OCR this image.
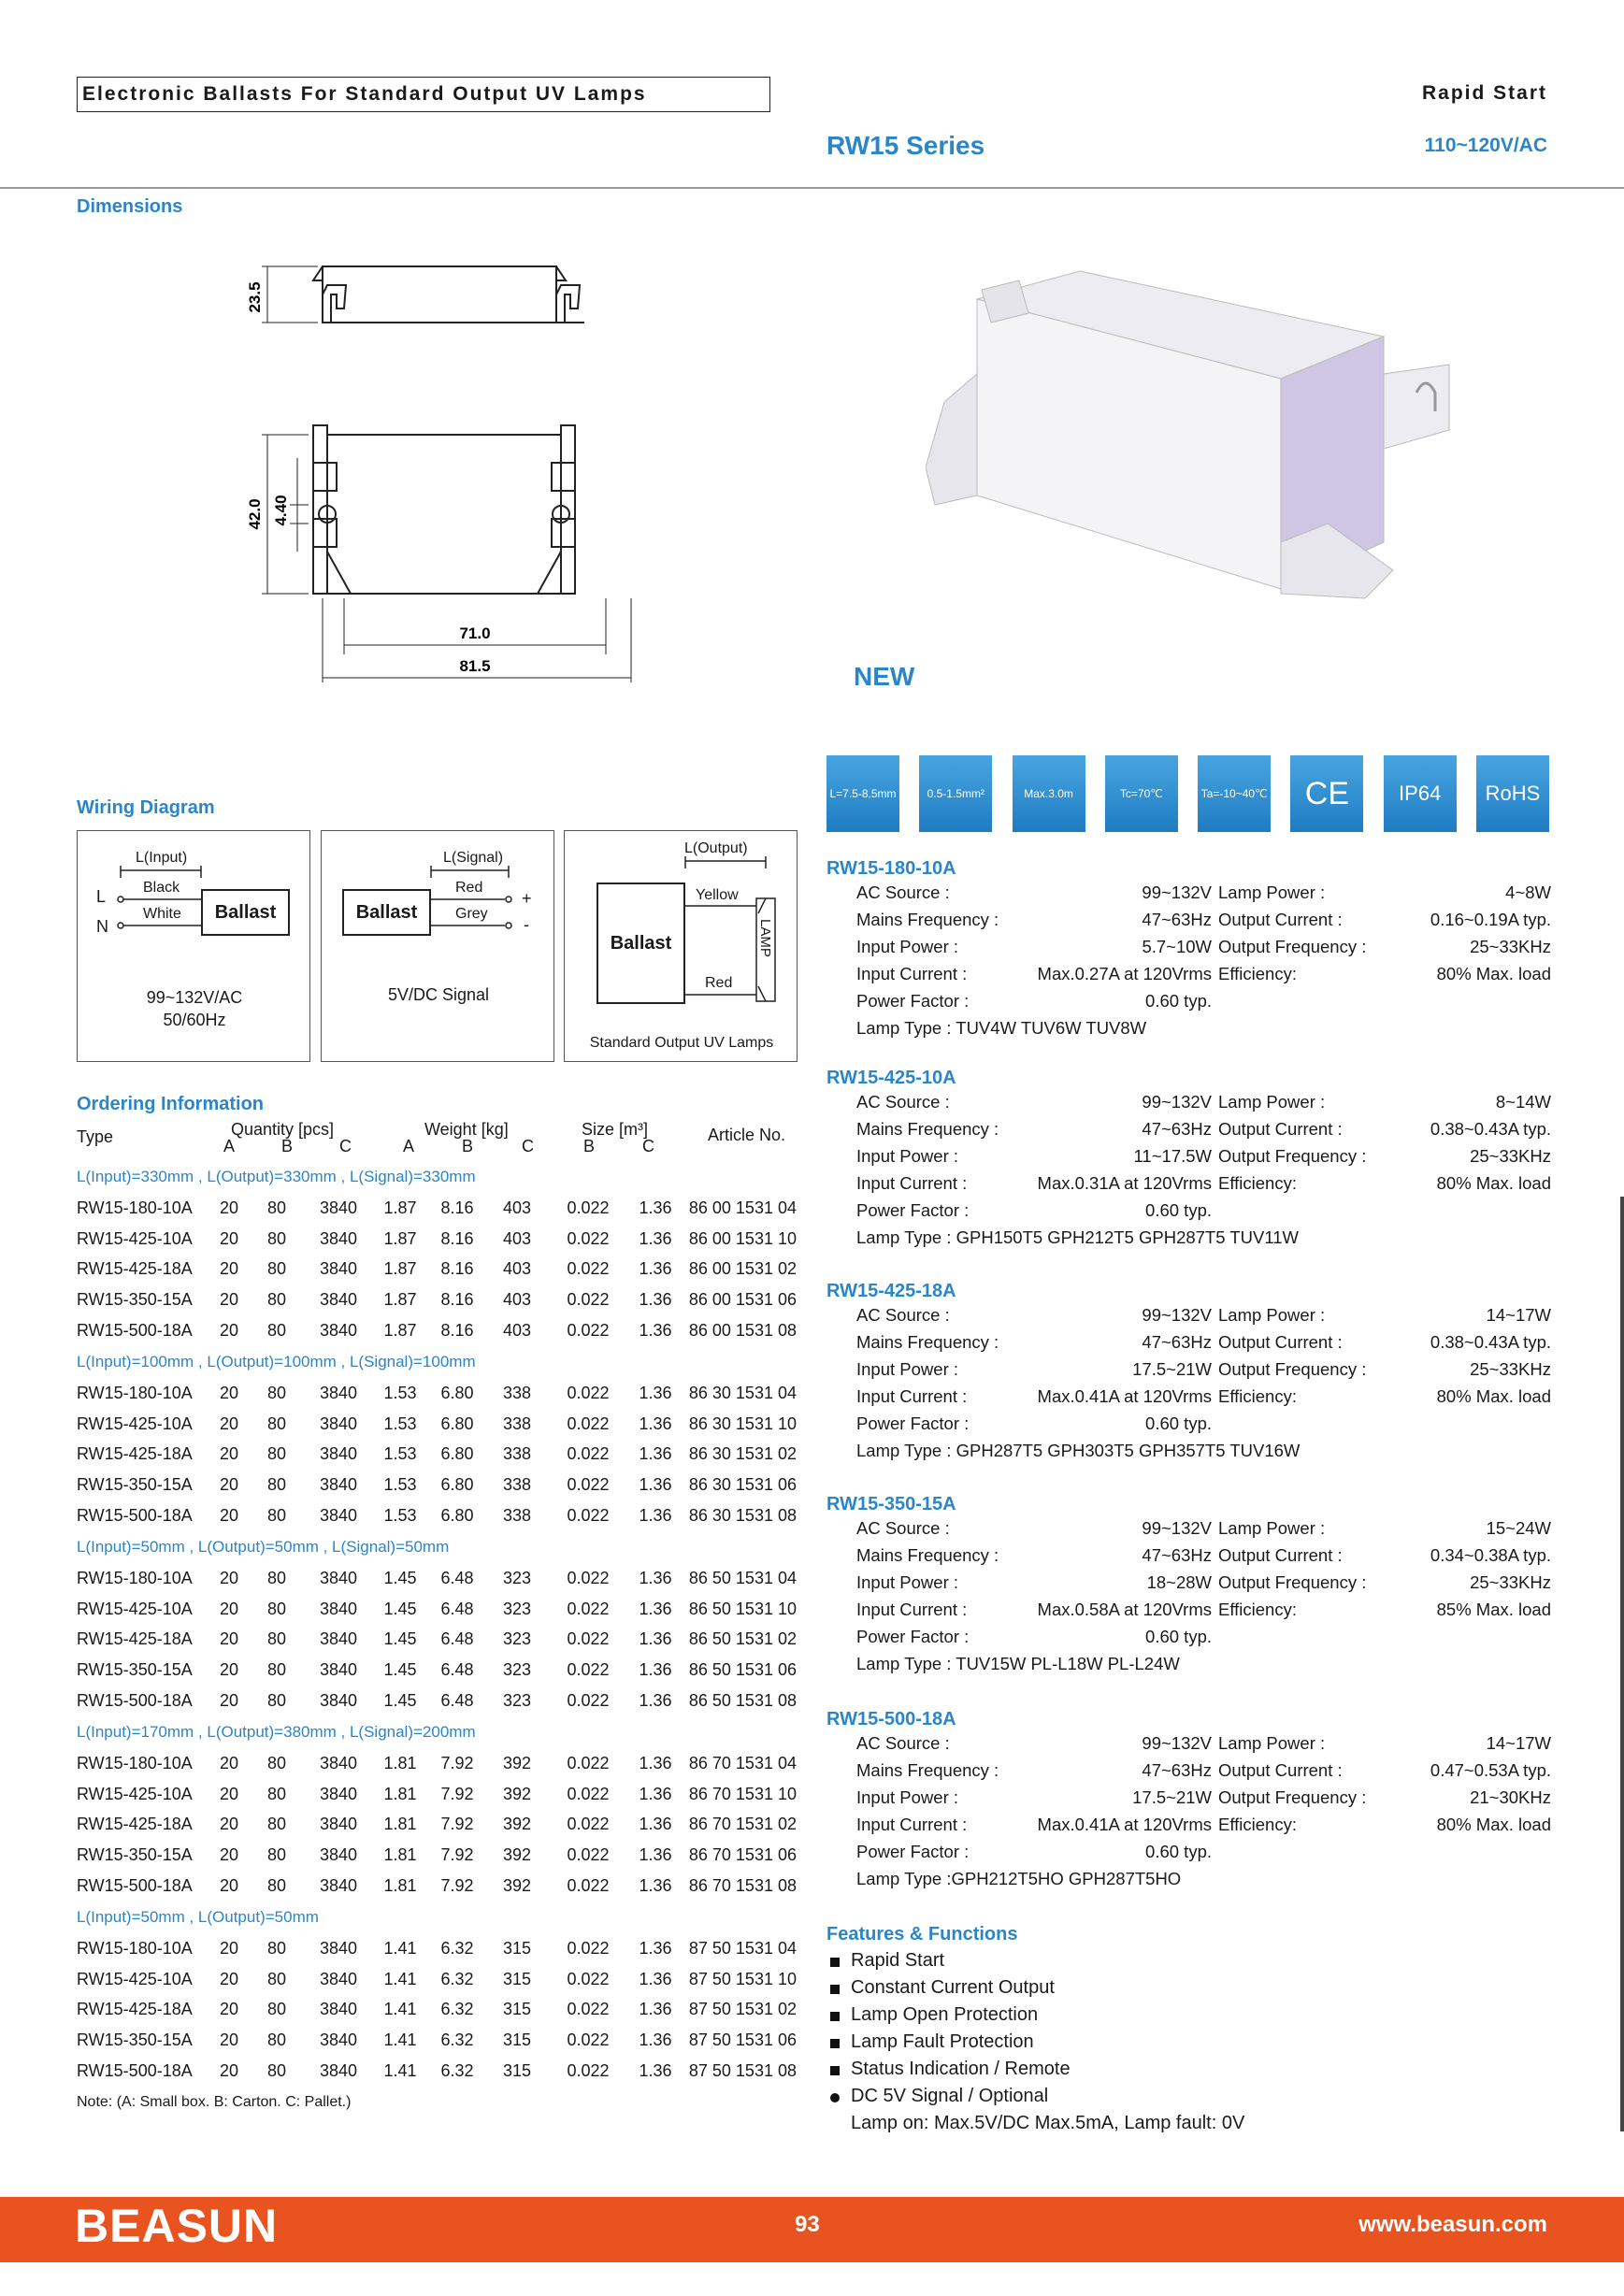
Electronic Ballasts For Standard Output UV Lamps	Rapid Start
RW15 Series	110~120V/AC
Dimensions
23.5
42.0 4.40
71.0
81.5	NEW
L=7.5-8.5mm	0.5-1.5mm²	Max.3.0m	Tc=70℃	Ta=-10~40℃ CE IP64 RoHS
Wiring Diagram
L(Input)
L
N
Black
White	Ballast
99~132V/AC
50/60Hz
Ballast
L(Signal)
Red
Grey
+
-
5V/DC Signal
Ballast
L(Output)
Yellow
Red
LAMP
Standard Output UV Lamps
Ordering Information
Type	Quantity [pcs]	Weight [kg]	Size [m³]	Article No.
A	B	C	A	B	C	B	C
L(Input)=330mm , L(Output)=330mm , L(Signal)=330mm									
RW15-180-10A	20	80	3840	1.87	8.16	403	0.022	1.36	86 00 1531 04
RW15-425-10A	20	80	3840	1.87	8.16	403	0.022	1.36	86 00 1531 10
RW15-425-18A	20	80	3840	1.87	8.16	403	0.022	1.36	86 00 1531 02
RW15-350-15A	20	80	3840	1.87	8.16	403	0.022	1.36	86 00 1531 06
RW15-500-18A	20	80	3840	1.87	8.16	403	0.022	1.36	86 00 1531 08
L(Input)=100mm , L(Output)=100mm , L(Signal)=100mm									
RW15-180-10A	20	80	3840	1.53	6.80	338	0.022	1.36	86 30 1531 04
RW15-425-10A	20	80	3840	1.53	6.80	338	0.022	1.36	86 30 1531 10
RW15-425-18A	20	80	3840	1.53	6.80	338	0.022	1.36	86 30 1531 02
RW15-350-15A	20	80	3840	1.53	6.80	338	0.022	1.36	86 30 1531 06
RW15-500-18A	20	80	3840	1.53	6.80	338	0.022	1.36	86 30 1531 08
L(Input)=50mm , L(Output)=50mm , L(Signal)=50mm									
RW15-180-10A	20	80	3840	1.45	6.48	323	0.022	1.36	86 50 1531 04
RW15-425-10A	20	80	3840	1.45	6.48	323	0.022	1.36	86 50 1531 10
RW15-425-18A	20	80	3840	1.45	6.48	323	0.022	1.36	86 50 1531 02
RW15-350-15A	20	80	3840	1.45	6.48	323	0.022	1.36	86 50 1531 06
RW15-500-18A	20	80	3840	1.45	6.48	323	0.022	1.36	86 50 1531 08
L(Input)=170mm , L(Output)=380mm , L(Signal)=200mm									
RW15-180-10A	20	80	3840	1.81	7.92	392	0.022	1.36	86 70 1531 04
RW15-425-10A	20	80	3840	1.81	7.92	392	0.022	1.36	86 70 1531 10
RW15-425-18A	20	80	3840	1.81	7.92	392	0.022	1.36	86 70 1531 02
RW15-350-15A	20	80	3840	1.81	7.92	392	0.022	1.36	86 70 1531 06
RW15-500-18A	20	80	3840	1.81	7.92	392	0.022	1.36	86 70 1531 08
L(Input)=50mm , L(Output)=50mm									
RW15-180-10A	20	80	3840	1.41	6.32	315	0.022	1.36	87 50 1531 04
RW15-425-10A	20	80	3840	1.41	6.32	315	0.022	1.36	87 50 1531 10
RW15-425-18A	20	80	3840	1.41	6.32	315	0.022	1.36	87 50 1531 02
RW15-350-15A	20	80	3840	1.41	6.32	315	0.022	1.36	87 50 1531 06
RW15-500-18A	20	80	3840	1.41	6.32	315	0.022	1.36	87 50 1531 08
Note: (A: Small box. B: Carton. C: Pallet.)
RW15-180-10A
AC Source :	99~132V Lamp Power :	4~8W
Mains Frequency :	47~63Hz Output Current :	0.16~0.19A typ.
Input Power :	5.7~10W Output Frequency :	25~33KHz
Input Current :	Max.0.27A at 120Vrms Efficiency:	80% Max. load
Power Factor :	0.60 typ.
Lamp Type : TUV4W TUV6W TUV8W
RW15-425-10A
AC Source :	99~132V Lamp Power :	8~14W
Mains Frequency :	47~63Hz Output Current :	0.38~0.43A typ.
Input Power :	11~17.5W Output Frequency :	25~33KHz
Input Current :	Max.0.31A at 120Vrms Efficiency:	80% Max. load
Power Factor :	0.60 typ.
Lamp Type : GPH150T5 GPH212T5 GPH287T5 TUV11W
RW15-425-18A
AC Source :	99~132V Lamp Power :	14~17W
Mains Frequency :	47~63Hz Output Current :	0.38~0.43A typ.
Input Power :	17.5~21W Output Frequency :	25~33KHz
Input Current :	Max.0.41A at 120Vrms Efficiency:	80% Max. load
Power Factor :	0.60 typ.
Lamp Type : GPH287T5 GPH303T5 GPH357T5 TUV16W
RW15-350-15A
AC Source :	99~132V Lamp Power :	15~24W
Mains Frequency :	47~63Hz Output Current :	0.34~0.38A typ.
Input Power :	18~28W Output Frequency :	25~33KHz
Input Current :	Max.0.58A at 120Vrms Efficiency:	85% Max. load
Power Factor :	0.60 typ.
Lamp Type : TUV15W PL-L18W PL-L24W
RW15-500-18A
AC Source :	99~132V Lamp Power :	14~17W
Mains Frequency :	47~63Hz Output Current :	0.47~0.53A typ.
Input Power :	17.5~21W Output Frequency :	21~30KHz
Input Current :	Max.0.41A at 120Vrms Efficiency:	80% Max. load
Power Factor :	0.60 typ.
Lamp Type :GPH212T5HO GPH287T5HO
Features & Functions
Rapid Start
Constant Current Output
Lamp Open Protection
Lamp Fault Protection
Status Indication / Remote
DC 5V Signal / Optional
Lamp on: Max.5V/DC Max.5mA, Lamp fault: 0V
BEASUN	93	www.beasun.com
